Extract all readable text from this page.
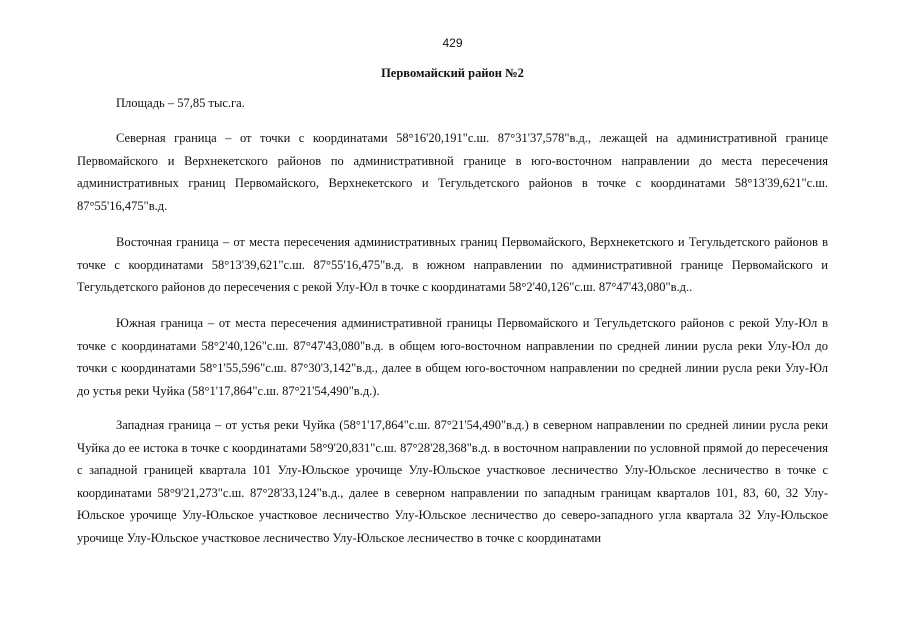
429
Первомайский район №2
Площадь – 57,85 тыс.га.

Северная граница – от точки с координатами 58°16'20,191"с.ш. 87°31'37,578"в.д., лежащей на административной границе Первомайского и Верхнекетского районов по административной границе в юго-восточном направлении до места пересечения административных границ Первомайского, Верхнекетского и Тегульдетского районов в точке с координатами 58°13'39,621"с.ш. 87°55'16,475"в.д.

Восточная граница – от места пересечения административных границ Первомайского, Верхнекетского и Тегульдетского районов в точке с координатами 58°13'39,621"с.ш. 87°55'16,475"в.д. в южном направлении по административной границе Первомайского и Тегульдетского районов до пересечения с рекой Улу-Юл в точке с координатами 58°2'40,126"с.ш. 87°47'43,080"в.д..

Южная граница – от места пересечения административной границы Первомайского и Тегульдетского районов с рекой Улу-Юл в точке с координатами 58°2'40,126"с.ш. 87°47'43,080"в.д. в общем юго-восточном направлении по средней линии русла реки Улу-Юл до точки с координатами 58°1'55,596"с.ш. 87°30'3,142"в.д., далее в общем юго-восточном направлении по средней линии русла реки Улу-Юл до устья реки Чуйка (58°1'17,864"с.ш. 87°21'54,490"в.д.).

Западная граница – от устья реки Чуйка (58°1'17,864"с.ш. 87°21'54,490"в.д.) в северном направлении по средней линии русла реки Чуйка до ее истока в точке с координатами 58°9'20,831"с.ш. 87°28'28,368"в.д. в восточном направлении по условной прямой до пересечения с западной границей квартала 101 Улу-Юльское урочище Улу-Юльское участковое лесничество Улу-Юльское лесничество в точке с координатами 58°9'21,273"с.ш. 87°28'33,124"в.д., далее в северном направлении по западным границам кварталов 101, 83, 60, 32 Улу-Юльское урочище Улу-Юльское участковое лесничество Улу-Юльское лесничество до северо-западного угла квартала 32 Улу-Юльское урочище Улу-Юльское участковое лесничество Улу-Юльское лесничество в точке с координатами
